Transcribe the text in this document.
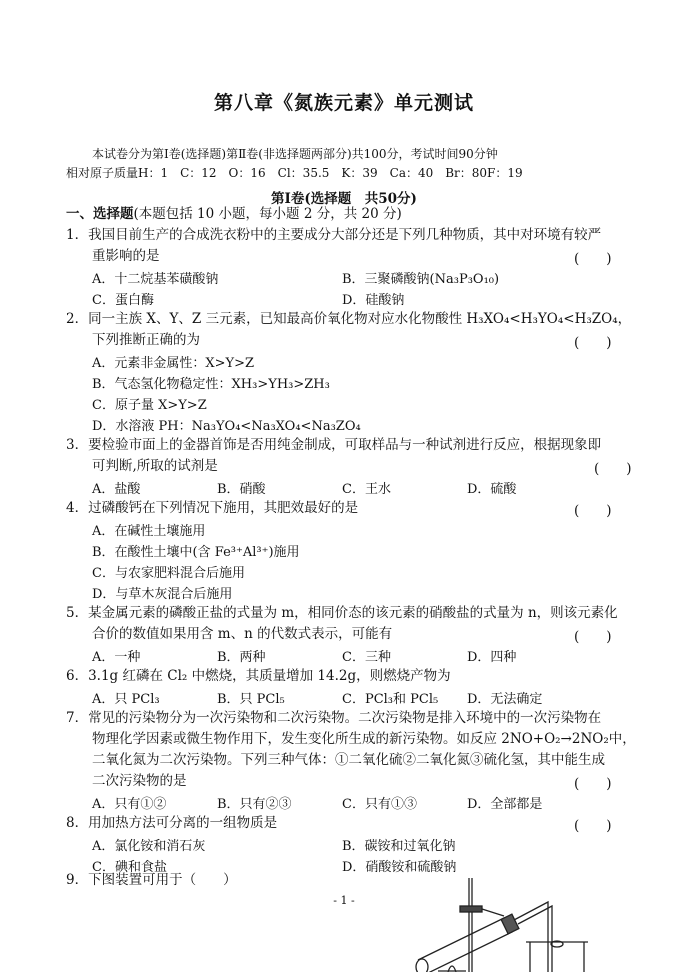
第八章《氮族元素》单元测试
本试卷分为第Ⅰ卷(选择题)第Ⅱ卷(非选择题两部分)共100分，考试时间90分钟
相对原子质量H：1　C：12　O：16　Cl：35.5　K：39　Ca：40　Br：80F：19
第Ⅰ卷(选择题　共50分)
一、选择题(本题包括 10 小题，每小题 2 分，共 20 分)
1．我国目前生产的合成洗衣粉中的主要成分大部分还是下列几种物质，其中对环境有较严
重影响的是	(　　)
A．十二烷基苯磺酸钠	B．三聚磷酸钠(Na₃P₃O₁₀)
C．蛋白酶	D．硅酸钠
2．同一主族 X、Y、Z 三元素，已知最高价氧化物对应水化物酸性 H₃XO₄<H₃YO₄<H₃ZO₄，
下列推断正确的为	(　　)
A．元素非金属性：X>Y>Z
B．气态氢化物稳定性：XH₃>YH₃>ZH₃
C．原子量 X>Y>Z
D．水溶液 PH：Na₃YO₄<Na₃XO₄<Na₃ZO₄
3．要检验市面上的金器首饰是否用纯金制成，可取样品与一种试剂进行反应，根据现象即
可判断,所取的试剂是	(　　)
A．盐酸	B．硝酸	C．王水	D．硫酸
4．过磷酸钙在下列情况下施用，其肥效最好的是	(　　)
A．在碱性土壤施用
B．在酸性土壤中(含 Fe³⁺Al³⁺)施用
C．与农家肥料混合后施用
D．与草木灰混合后施用
5．某金属元素的磷酸正盐的式量为 m，相同价态的该元素的硝酸盐的式量为 n，则该元素化
合价的数值如果用含 m、n 的代数式表示，可能有	(　　)
A．一种	B．两种	C．三种	D．四种
6．3.1g 红磷在 Cl₂ 中燃烧，其质量增加 14.2g，则燃烧产物为
A．只 PCl₃	B．只 PCl₅	C．PCl₃和 PCl₅ D．无法确定
7．常见的污染物分为一次污染物和二次污染物。二次污染物是排入环境中的一次污染物在
物理化学因素或微生物作用下，发生变化所生成的新污染物。如反应 2NO+O₂→2NO₂中，
二氧化氮为二次污染物。下列三种气体：①二氧化硫②二氧化氮③硫化氢，其中能生成
二次污染物的是	(　　)
A．只有①②	B．只有②③	C．只有①③	D．全部都是
8．用加热方法可分离的一组物质是	(　　)
A．氯化铵和消石灰	B．碳铵和过氧化钠
C．碘和食盐	D．硝酸铵和硫酸钠
9．下图装置可用于（　　）
- 1 -
